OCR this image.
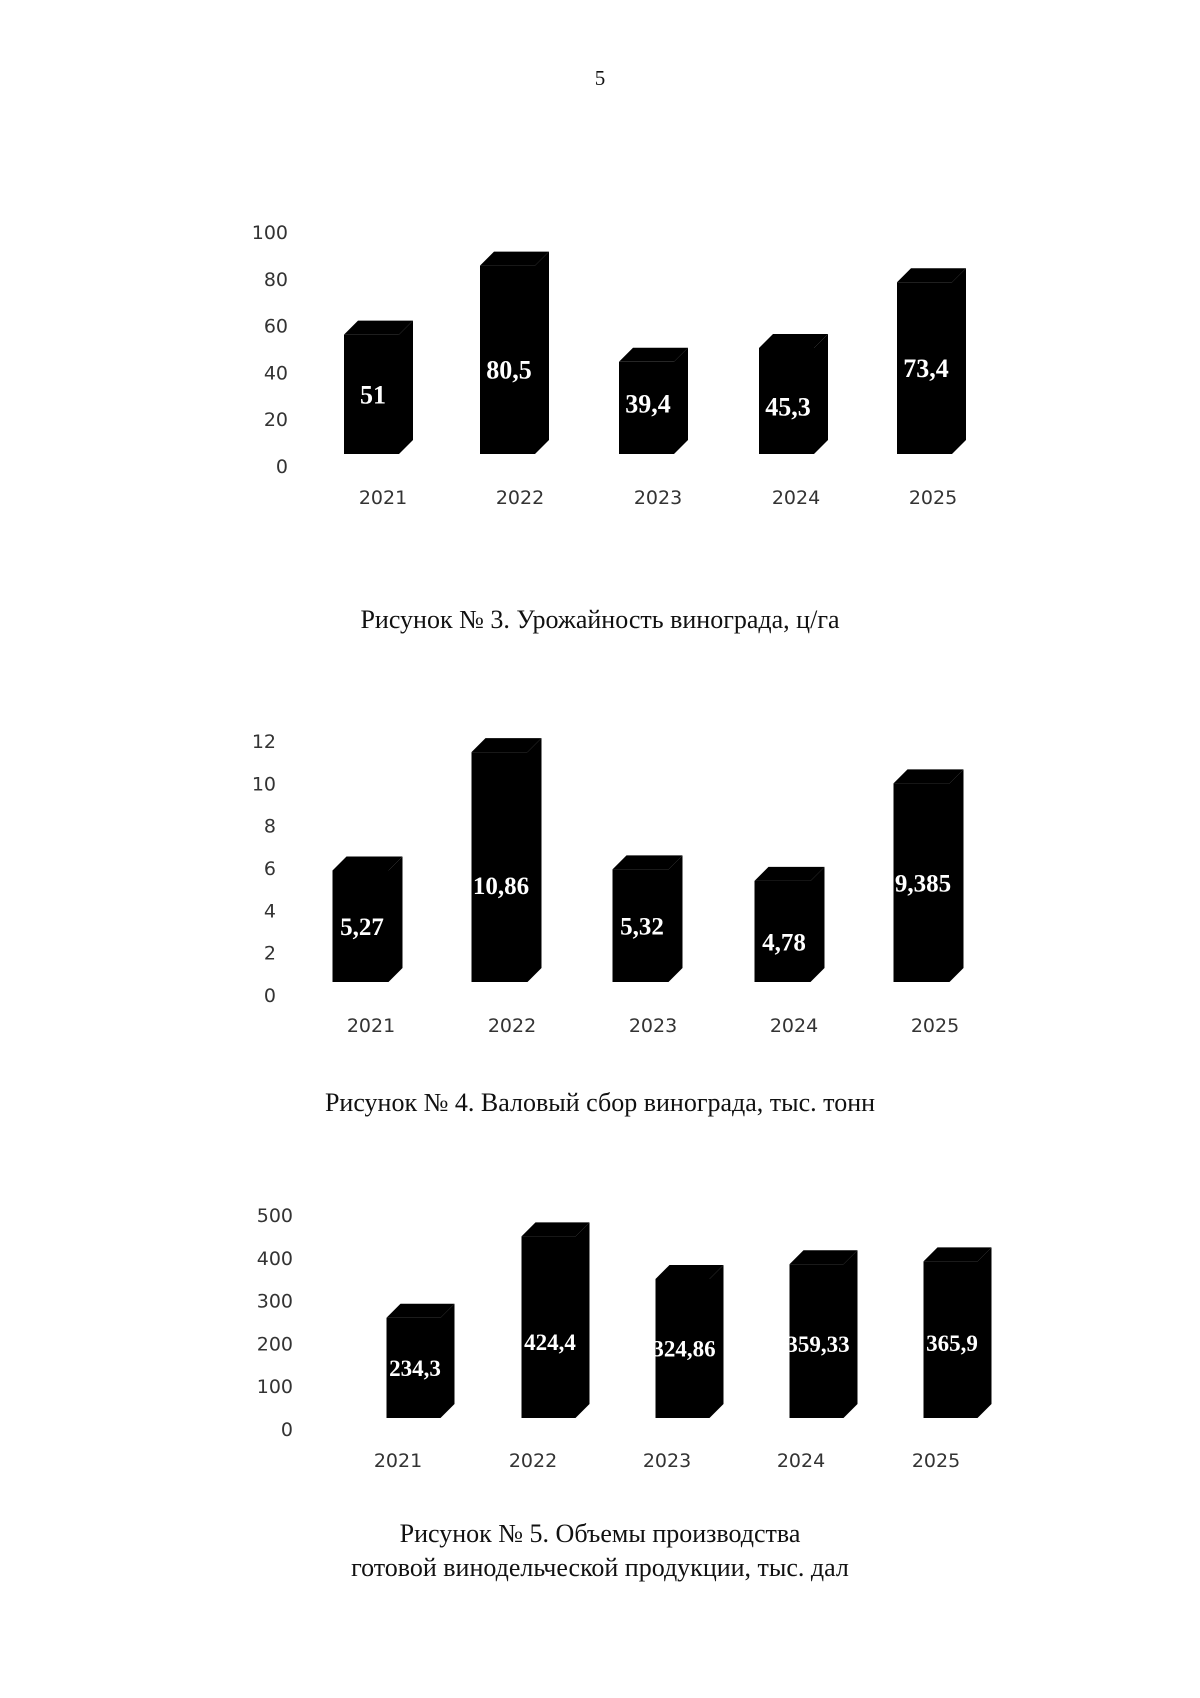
5
0
20
40
60
80
100
2021	2022	2023	2024	2025
51
80,5
39,4	45,3
73,4
Рисунок № 3. Урожайность винограда, ц/га
0
2
4
6
8
10
12
2021	2022	2023	2024	2025
5,27
10,86
5,32
4,78
9,385
Рисунок № 4. Валовый сбор винограда, тыс. тонн
0
100
200
300
400
500
2021	2022	2023	2024	2025
234,3
424,4	324,86	359,33	365,9
Рисунок № 5. Объемы производства
готовой винодельческой продукции, тыс. дал
